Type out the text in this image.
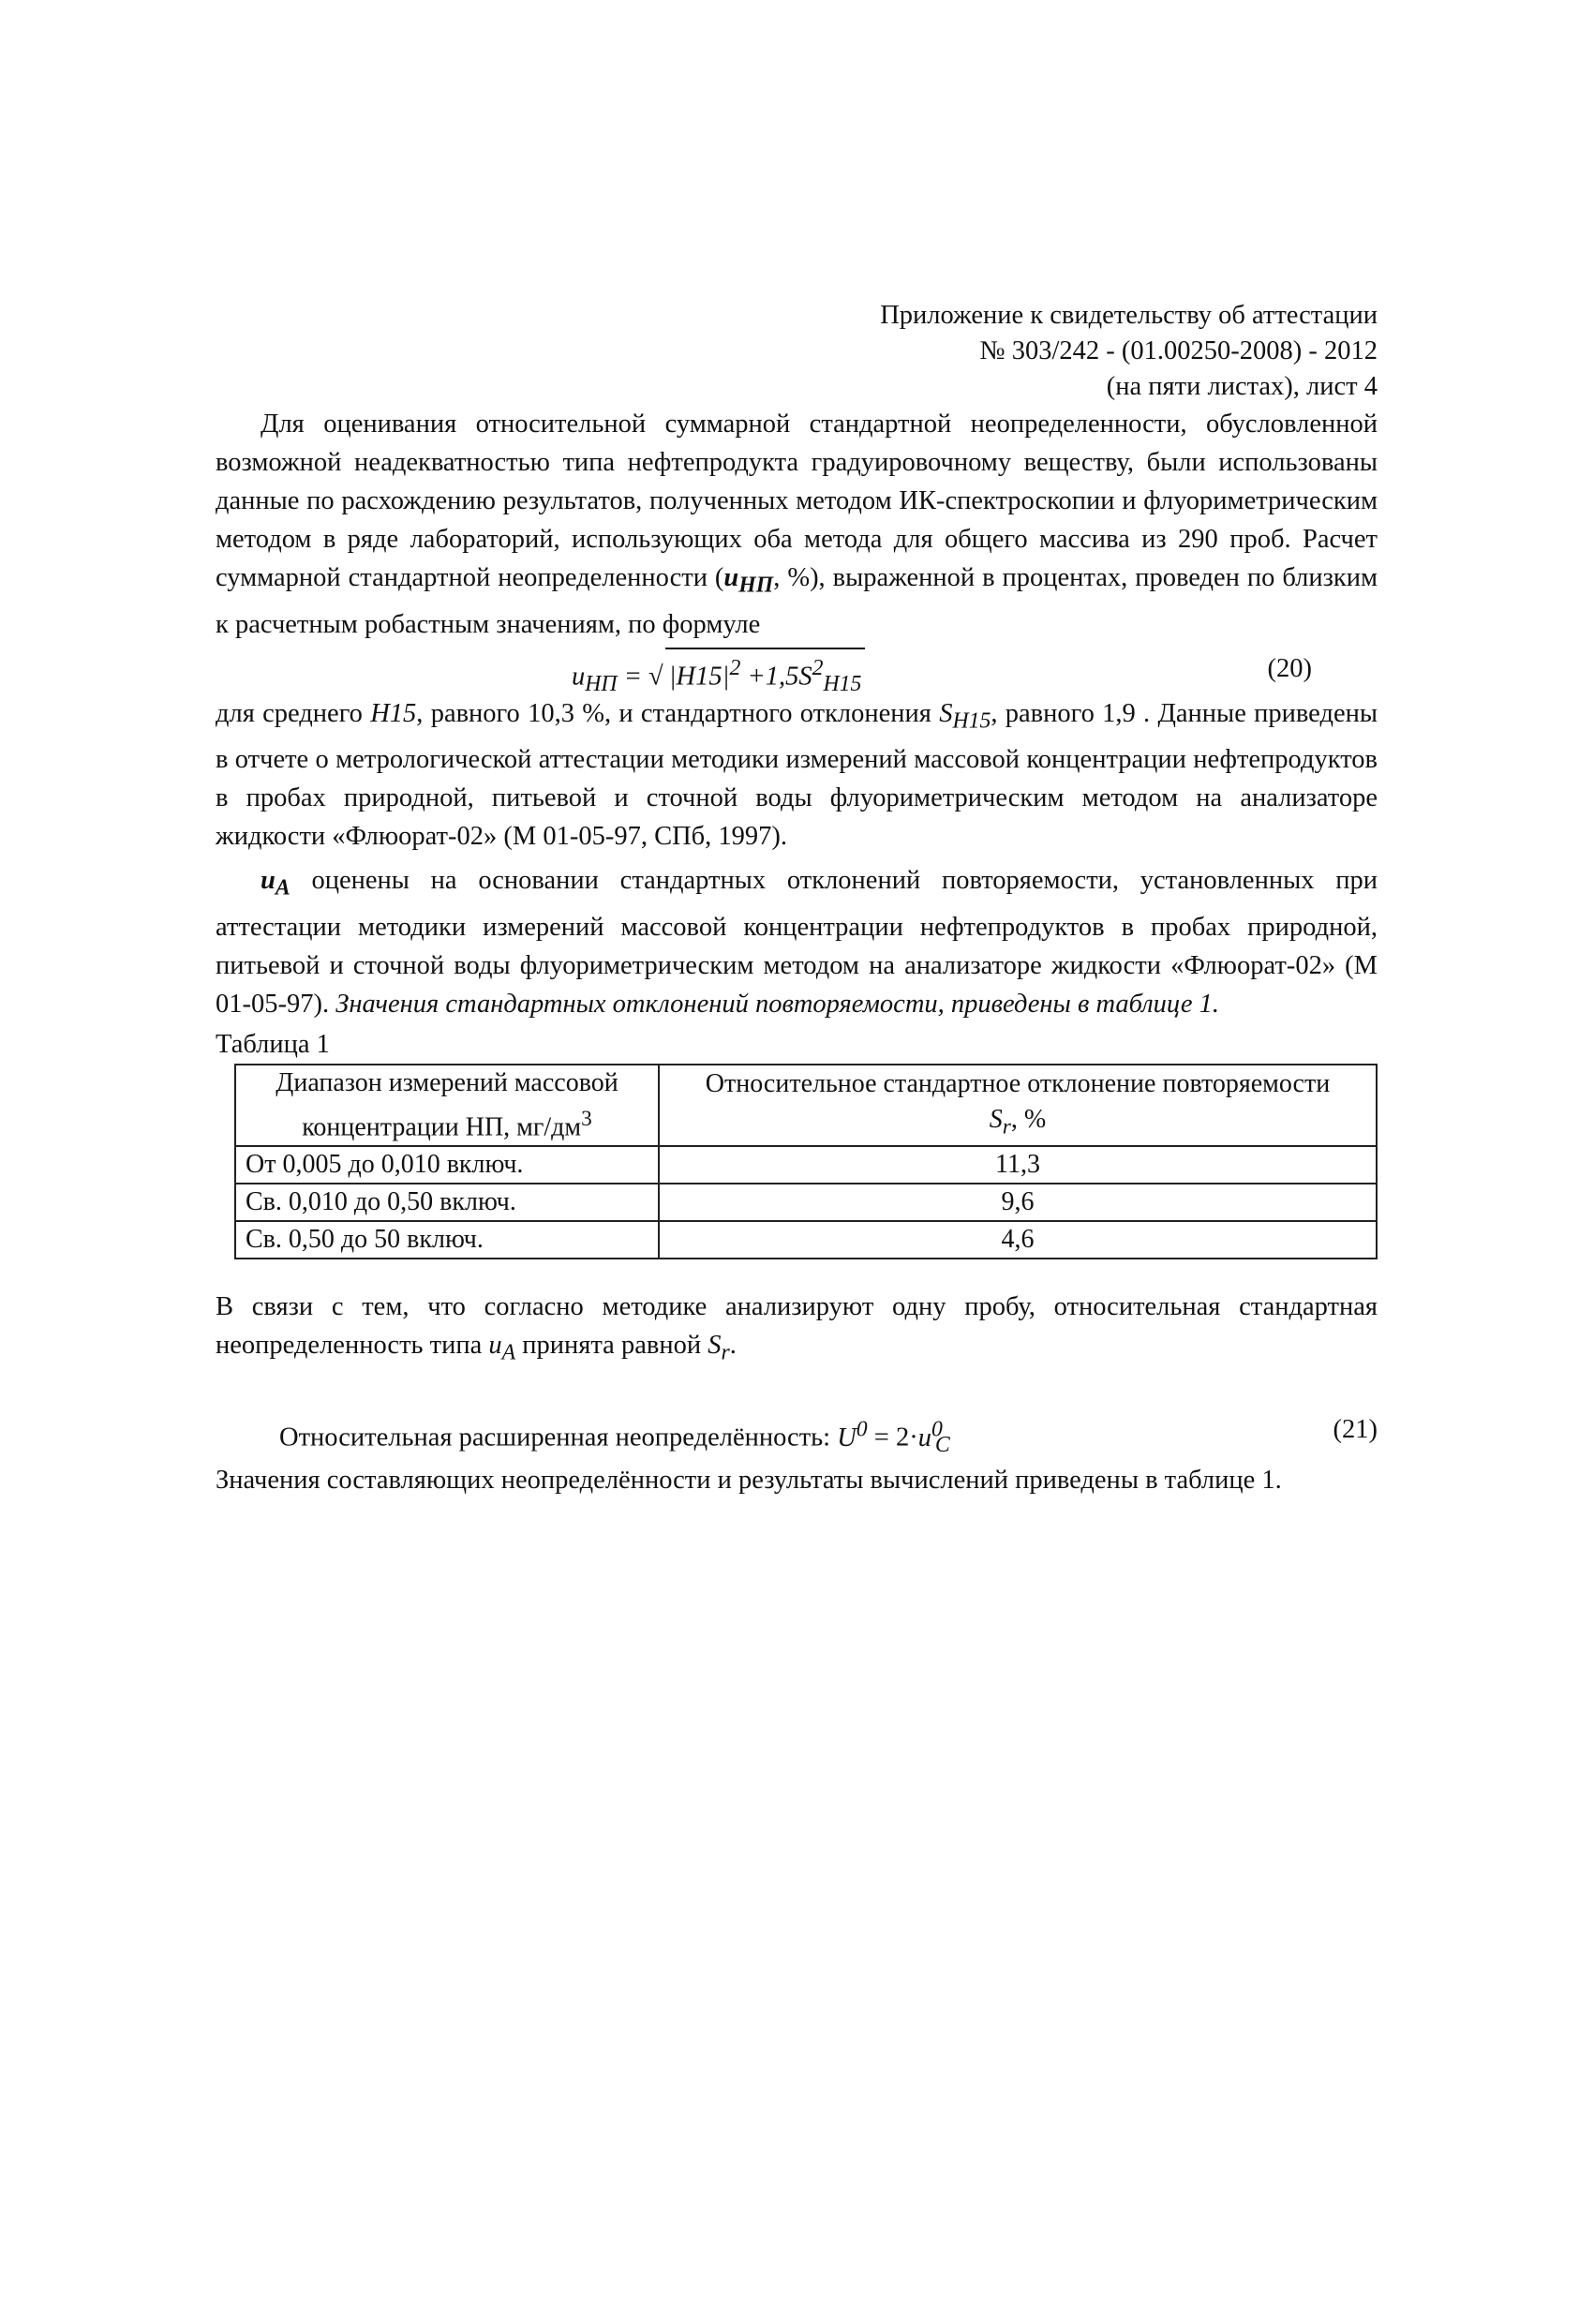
Приложение к свидетельству об аттестации
№ 303/242 - (01.00250-2008) - 2012
(на пяти листах), лист 4

Для оценивания относительной суммарной стандартной неопределенности, обусловленной возможной неадекватностью типа нефтепродукта градуировочному веществу, были использованы данные по расхождению результатов, полученных методом ИК-спектроскопии и флуориметрическим методом в ряде лабораторий, использующих оба метода для общего массива из 290 проб. Расчет суммарной стандартной неопределенности ($u_{НП}$, %), выраженной в процентах, проведен по близким к расчетным робастным значениям, по формуле

$u_{НП}$ = √ $|H15|^2 +1,5S^2_{H15}$
(20)

для среднего H15, равного 10,3 %, и стандартного отклонения $S_{H15}$, равного 1,9 . Данные приведены в отчете о метрологической аттестации методики измерений массовой концентрации нефтепродуктов в пробах природной, питьевой и сточной воды флуориметрическим методом на анализаторе жидкости «Флюорат-02» (М 01-05-97, СПб, 1997).

$u_А$ оценены на основании стандартных отклонений повторяемости, установленных при аттестации методики измерений массовой концентрации нефтепродуктов в пробах природной, питьевой и сточной воды флуориметрическим методом на анализаторе жидкости «Флюорат-02» (М 01-05-97). Значения стандартных отклонений повторяемости, приведены в таблице 1.

Таблица 1
Диапазон измерений массовой концентрации НП, $мг/дм^3$	Относительное стандартное отклонение повторяемости
$S_r$, %
От 0,005 до 0,010 включ.	11,3
Св. 0,010 до 0,50 включ.	9,6
Св. 0,50 до 50 включ.	4,6

В связи с тем, что согласно методике анализируют одну пробу, относительная стандартная неопределенность типа $u_А$ принята равной $S_r$.

Относительная расширенная неопределённость: $U^0 = 2\cdot u^0_C$
(21)

Значения составляющих неопределённости и результаты вычислений приведены в таблице 1.
